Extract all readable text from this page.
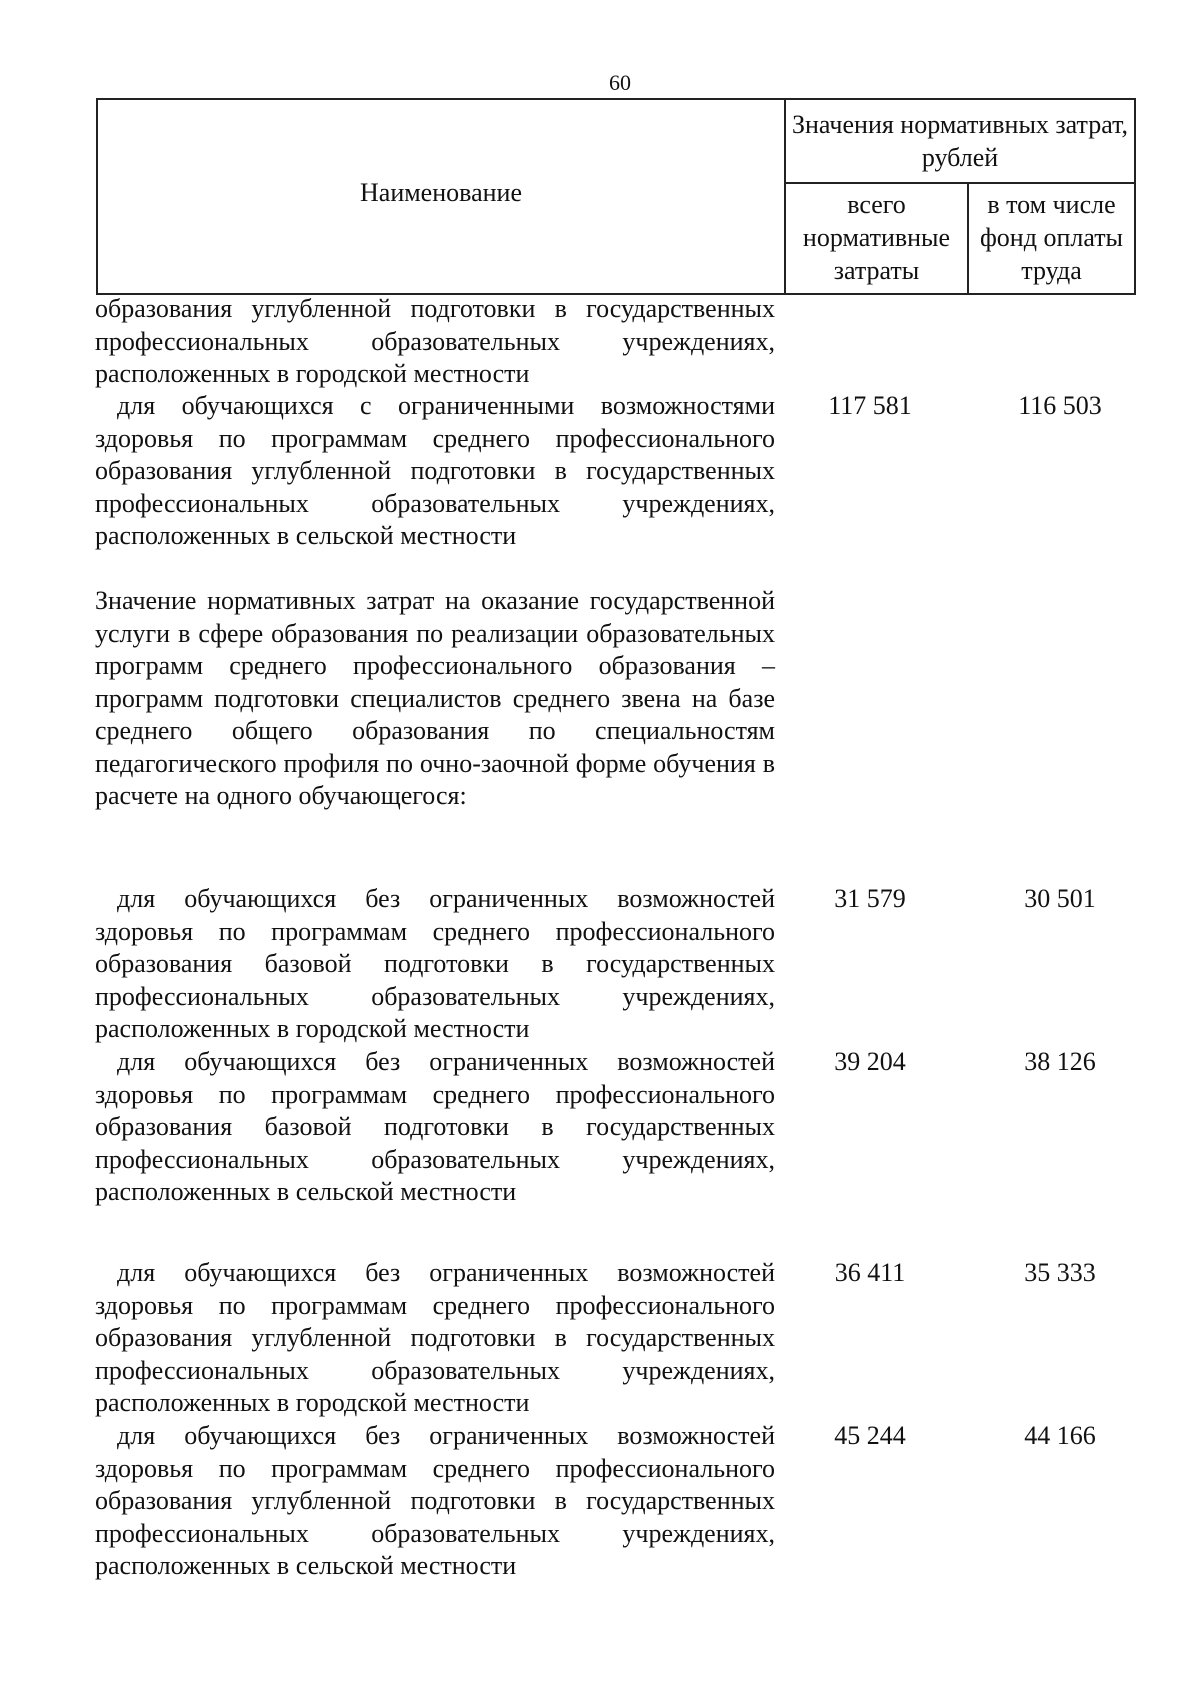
60
Наименование
Значения нормативных затрат, рублей
всего нормативные затраты
в том числе фонд оплаты труда
образования углубленной подготовки в государственных профессиональных образовательных учреждениях, расположенных в городской местности
для обучающихся с ограниченными возможностями здоровья по программам среднего профессионального образования углубленной подготовки в государственных профессиональных образовательных учреждениях, расположенных в сельской местности
117 581	116 503
Значение нормативных затрат на оказание государственной услуги в сфере образования по реализации образовательных программ среднего профессионального образования – программ подготовки специалистов среднего звена на базе среднего общего образования по специальностям педагогического профиля по очно-заочной форме обучения в расчете на одного обучающегося:
для обучающихся без ограниченных возможностей здоровья по программам среднего профессионального образования базовой подготовки в государственных профессиональных образовательных учреждениях, расположенных в городской местности
31 579	30 501
для обучающихся без ограниченных возможностей здоровья по программам среднего профессионального образования базовой подготовки в государственных профессиональных образовательных учреждениях, расположенных в сельской местности
39 204	38 126
для обучающихся без ограниченных возможностей здоровья по программам среднего профессионального образования углубленной подготовки в государственных профессиональных образовательных учреждениях, расположенных в городской местности
36 411	35 333
для обучающихся без ограниченных возможностей здоровья по программам среднего профессионального образования углубленной подготовки в государственных профессиональных образовательных учреждениях, расположенных в сельской местности
45 244	44 166
